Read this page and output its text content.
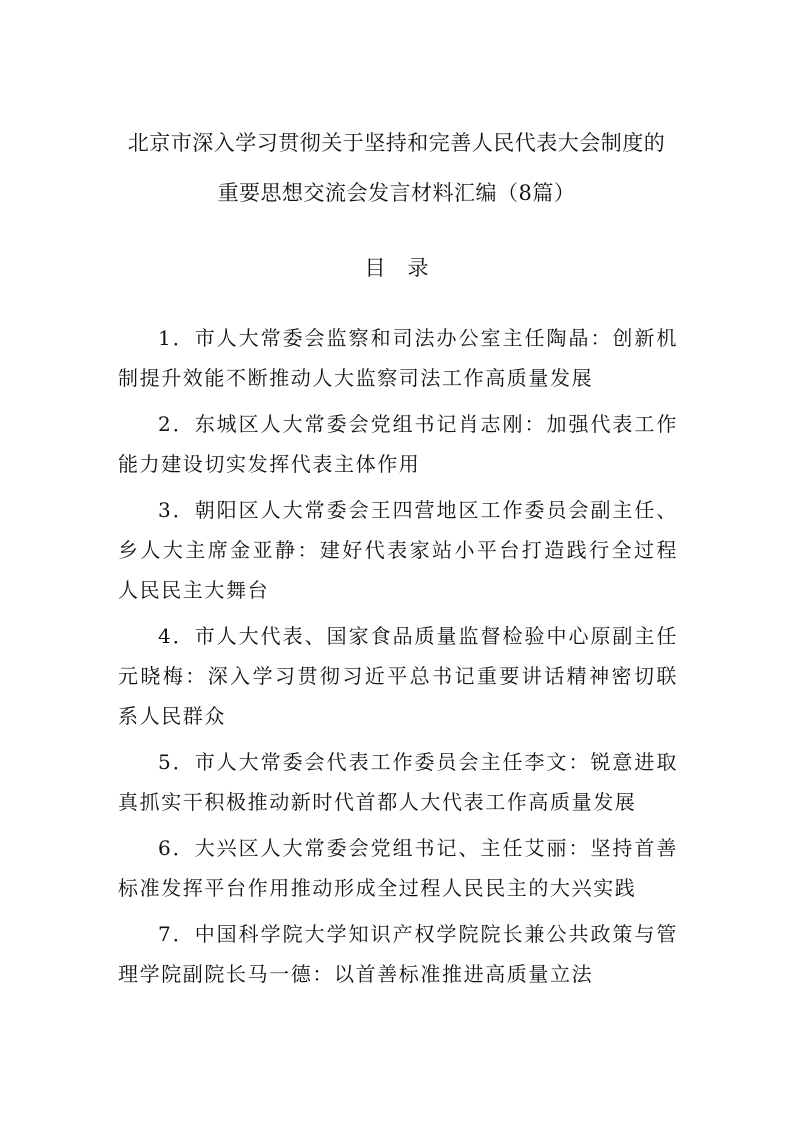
北京市深入学习贯彻关于坚持和完善人民代表大会制度的
重要思想交流会发言材料汇编（8篇）
目 录
1．市人大常委会监察和司法办公室主任陶晶：创新机制提升效能不断推动人大监察司法工作高质量发展
2．东城区人大常委会党组书记肖志刚：加强代表工作能力建设切实发挥代表主体作用
3．朝阳区人大常委会王四营地区工作委员会副主任、乡人大主席金亚静：建好代表家站小平台打造践行全过程人民民主大舞台
4．市人大代表、国家食品质量监督检验中心原副主任元晓梅：深入学习贯彻习近平总书记重要讲话精神密切联系人民群众
5．市人大常委会代表工作委员会主任李文：锐意进取真抓实干积极推动新时代首都人大代表工作高质量发展
6．大兴区人大常委会党组书记、主任艾丽：坚持首善标准发挥平台作用推动形成全过程人民民主的大兴实践
7．中国科学院大学知识产权学院院长兼公共政策与管理学院副院长马一德：以首善标准推进高质量立法
